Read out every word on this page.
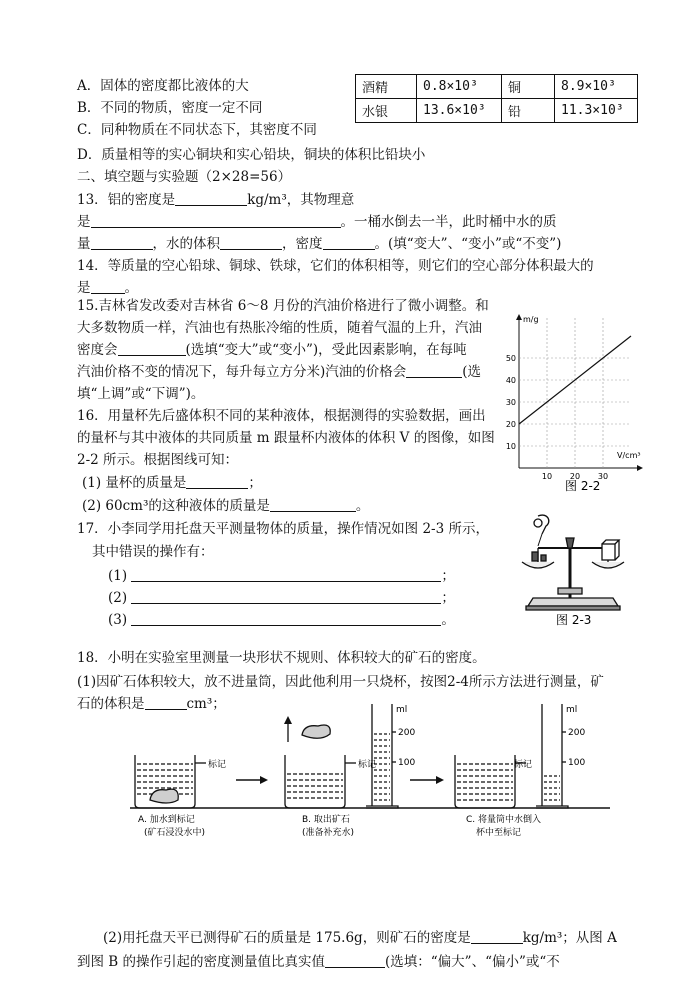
A．固体的密度都比液体的大
B．不同的物质，密度一定不同
C．同种物质在不同状态下，其密度不同
D．质量相等的实心铜块和实心铅块，铜块的体积比铅块小
酒精	0.8×10³	铜	8.9×10³
水银	13.6×10³	铅	11.3×10³
二、填空题与实验题（2×28=56）
13．铝的密度是	kg/m³，其物理意
是	。一桶水倒去一半，此时桶中水的质
量	，水的体积	，密度	。(填“变大”、“变小”或“不变”)
14．等质量的空心铅球、铜球、铁球，它们的体积相等，则它们的空心部分体积最大的
是	。
15.吉林省发改委对吉林省 6～8 月份的汽油价格进行了微小调整。和
大多数物质一样，汽油也有热胀冷缩的性质，随着气温的上升，汽油
密度会	(选填“变大”或“变小”)，受此因素影响，在每吨
汽油价格不变的情况下，每升每立方分米)汽油的价格会	(选
填“上调”或“下调”)。
16．用量杯先后盛体积不同的某种液体，根据测得的实验数据，画出
的量杯与其中液体的共同质量 m 跟量杯内液体的体积 V 的图像，如图
2-2 所示。根据图线可知：
(1) 量杯的质量是	；
(2) 60cm³的这种液体的质量是	。
17．小李同学用托盘天平测量物体的质量，操作情况如图 2-3 所示，
其中错误的操作有：
(1)	；
(2)	；
(3)	。
18．小明在实验室里测量一块形状不规则、体积较大的矿石的密度。
(1)因矿石体积较大，放不进量筒，因此他利用一只烧杯，按图2-4所示方法进行测量，矿
石的体积是	cm³；
(2)用托盘天平已测得矿石的质量是 175.6g，则矿石的密度是	kg/m³；从图 A
到图 B 的操作引起的密度测量值比真实值	(选填：“偏大”、“偏小”或“不
10
20
30
40
50
10 20 30
m/g
V/cm³
图 2-2
图 2-3
标记
ml
200
100
标记	标记
ml
200
100
A. 加水到标记
(矿石浸没水中)
B. 取出矿石
(准备补充水)
C. 将量筒中水倒入
杯中至标记
